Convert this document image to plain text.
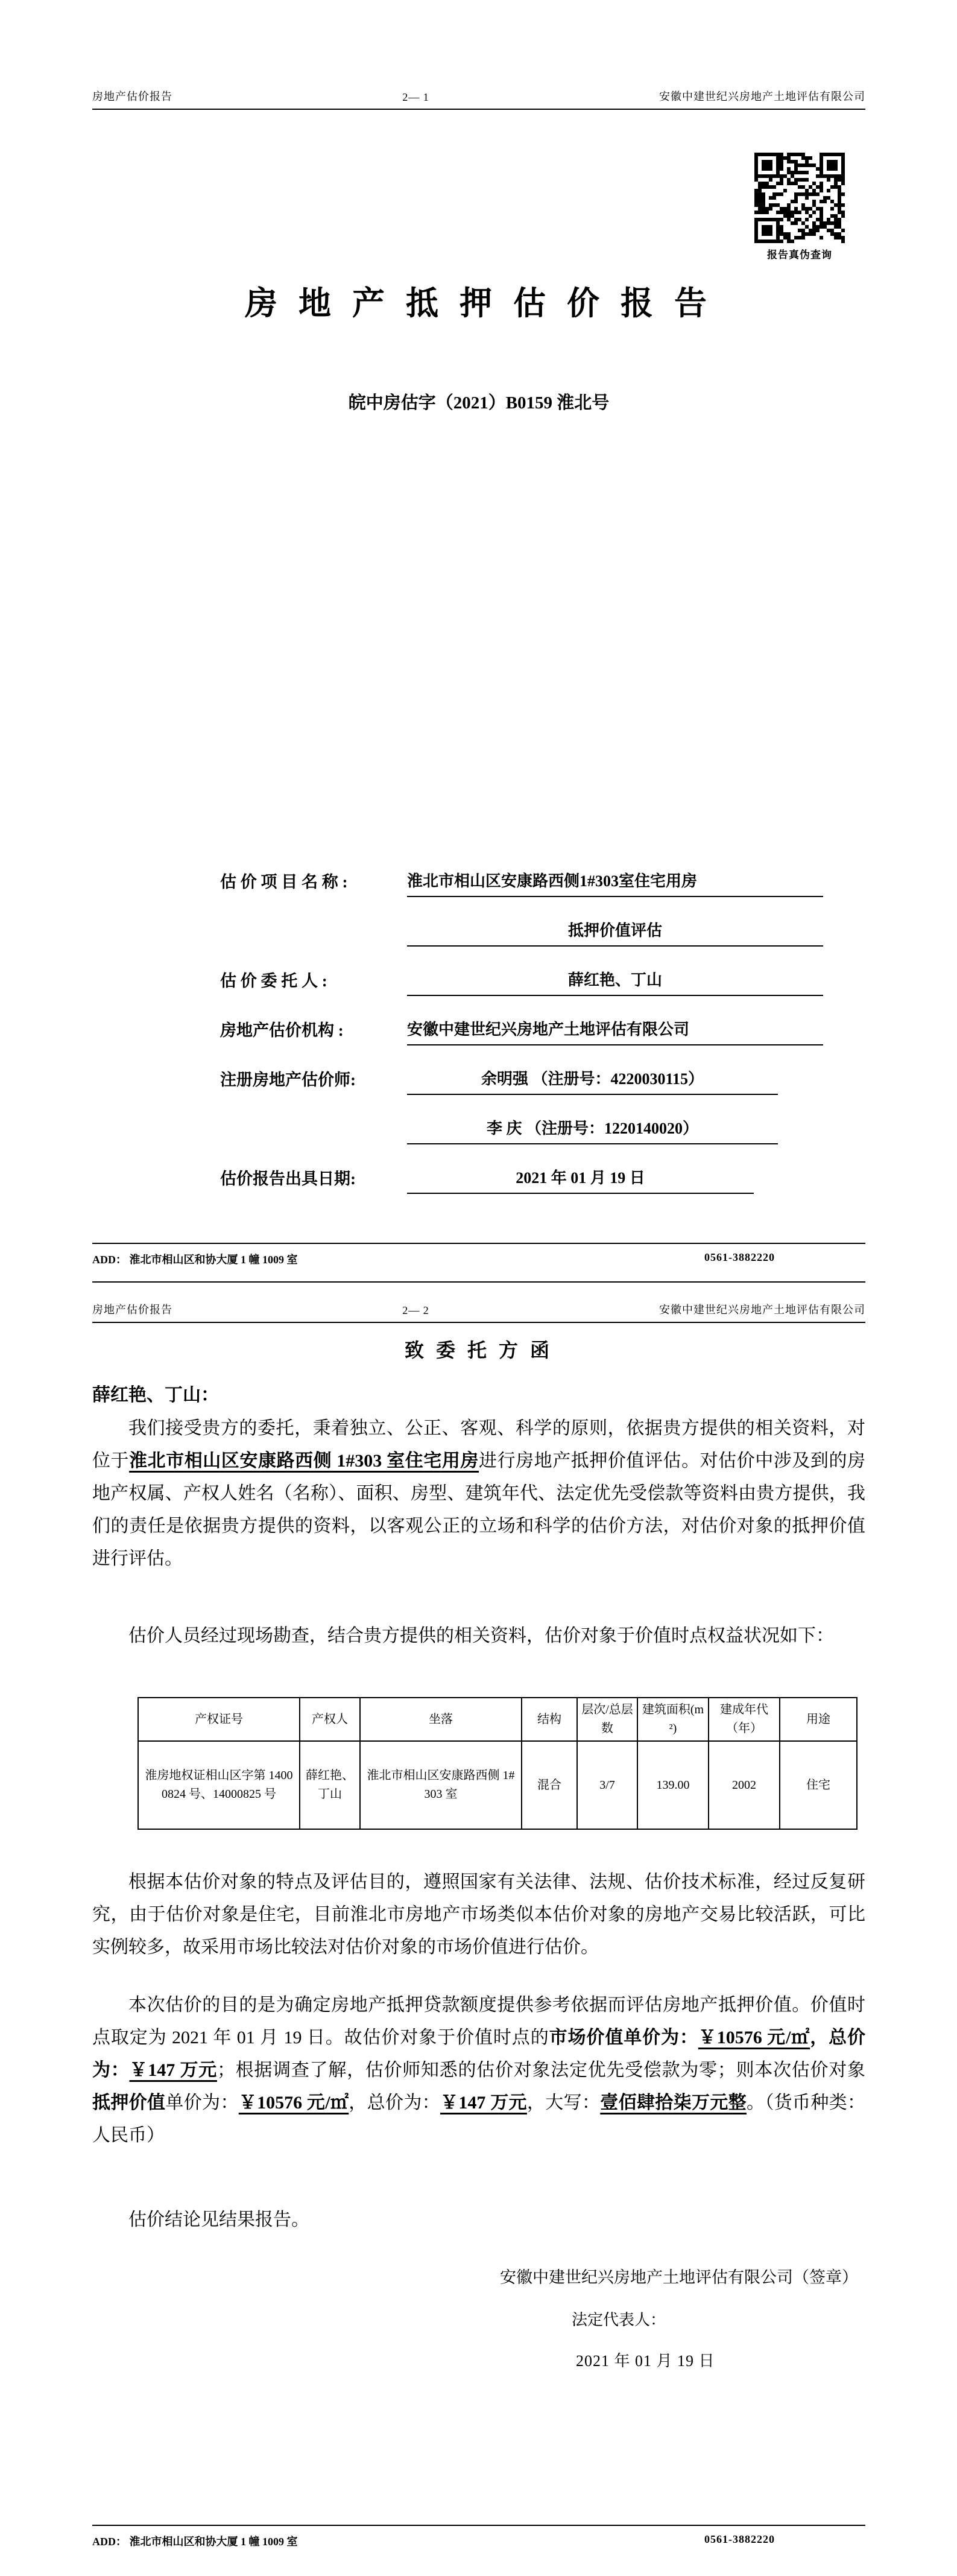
房地产估价报告	2— 1	安徽中建世纪兴房地产土地评估有限公司
报告真伪查询
房 地 产 抵 押 估 价 报 告
皖中房估字（2021）B0159 淮北号
估 价 项 目 名 称 :	淮北市相山区安康路西侧1#303室住宅用房
抵押价值评估
估 价 委 托 人 :	薛红艳、丁山
房地产估价机构 :	安徽中建世纪兴房地产土地评估有限公司
注册房地产估价师:	余明强 （注册号：4220030115）
李 庆 （注册号：1220140020）
估价报告出具日期:	2021 年 01 月 19 日
ADD： 淮北市相山区和协大厦 1 幢 1009 室	0561-3882220
房地产估价报告	2— 2	安徽中建世纪兴房地产土地评估有限公司
致 委 托 方 函
薛红艳、丁山：

我们接受贵方的委托，秉着独立、公正、客观、科学的原则，依据贵方提供的相关资料，对位于淮北市相山区安康路西侧 1#303 室住宅用房进行房地产抵押价值评估。对估价中涉及到的房地产权属、产权人姓名（名称）、面积、房型、建筑年代、法定优先受偿款等资料由贵方提供，我们的责任是依据贵方提供的资料，以客观公正的立场和科学的估价方法，对估价对象的抵押价值进行评估。

估价人员经过现场勘查，结合贵方提供的相关资料，估价对象于价值时点权益状况如下：

产权证号	产权人	坐落	结构	层次/总层数	建筑面积(m²)	建成年代（年）	用途
淮房地权证相山区字第 14000824 号、14000825 号	薛红艳、丁山	淮北市相山区安康路西侧 1#303 室	混合	3/7	139.00	2002	住宅

根据本估价对象的特点及评估目的，遵照国家有关法律、法规、估价技术标准，经过反复研究，由于估价对象是住宅，目前淮北市房地产市场类似本估价对象的房地产交易比较活跃，可比实例较多，故采用市场比较法对估价对象的市场价值进行估价。

本次估价的目的是为确定房地产抵押贷款额度提供参考依据而评估房地产抵押价值。价值时点取定为 2021 年 01 月 19 日。故估价对象于价值时点的市场价值单价为：￥10576 元/㎡，总价为：￥147 万元；根据调查了解，估价师知悉的估价对象法定优先受偿款为零；则本次估价对象抵押价值单价为：￥10576 元/㎡，总价为：￥147 万元，大写：壹佰肆拾柒万元整。（货币种类：人民币）

估价结论见结果报告。

安徽中建世纪兴房地产土地评估有限公司（签章）
法定代表人：
2021 年 01 月 19 日
ADD： 淮北市相山区和协大厦 1 幢 1009 室	0561-3882220
